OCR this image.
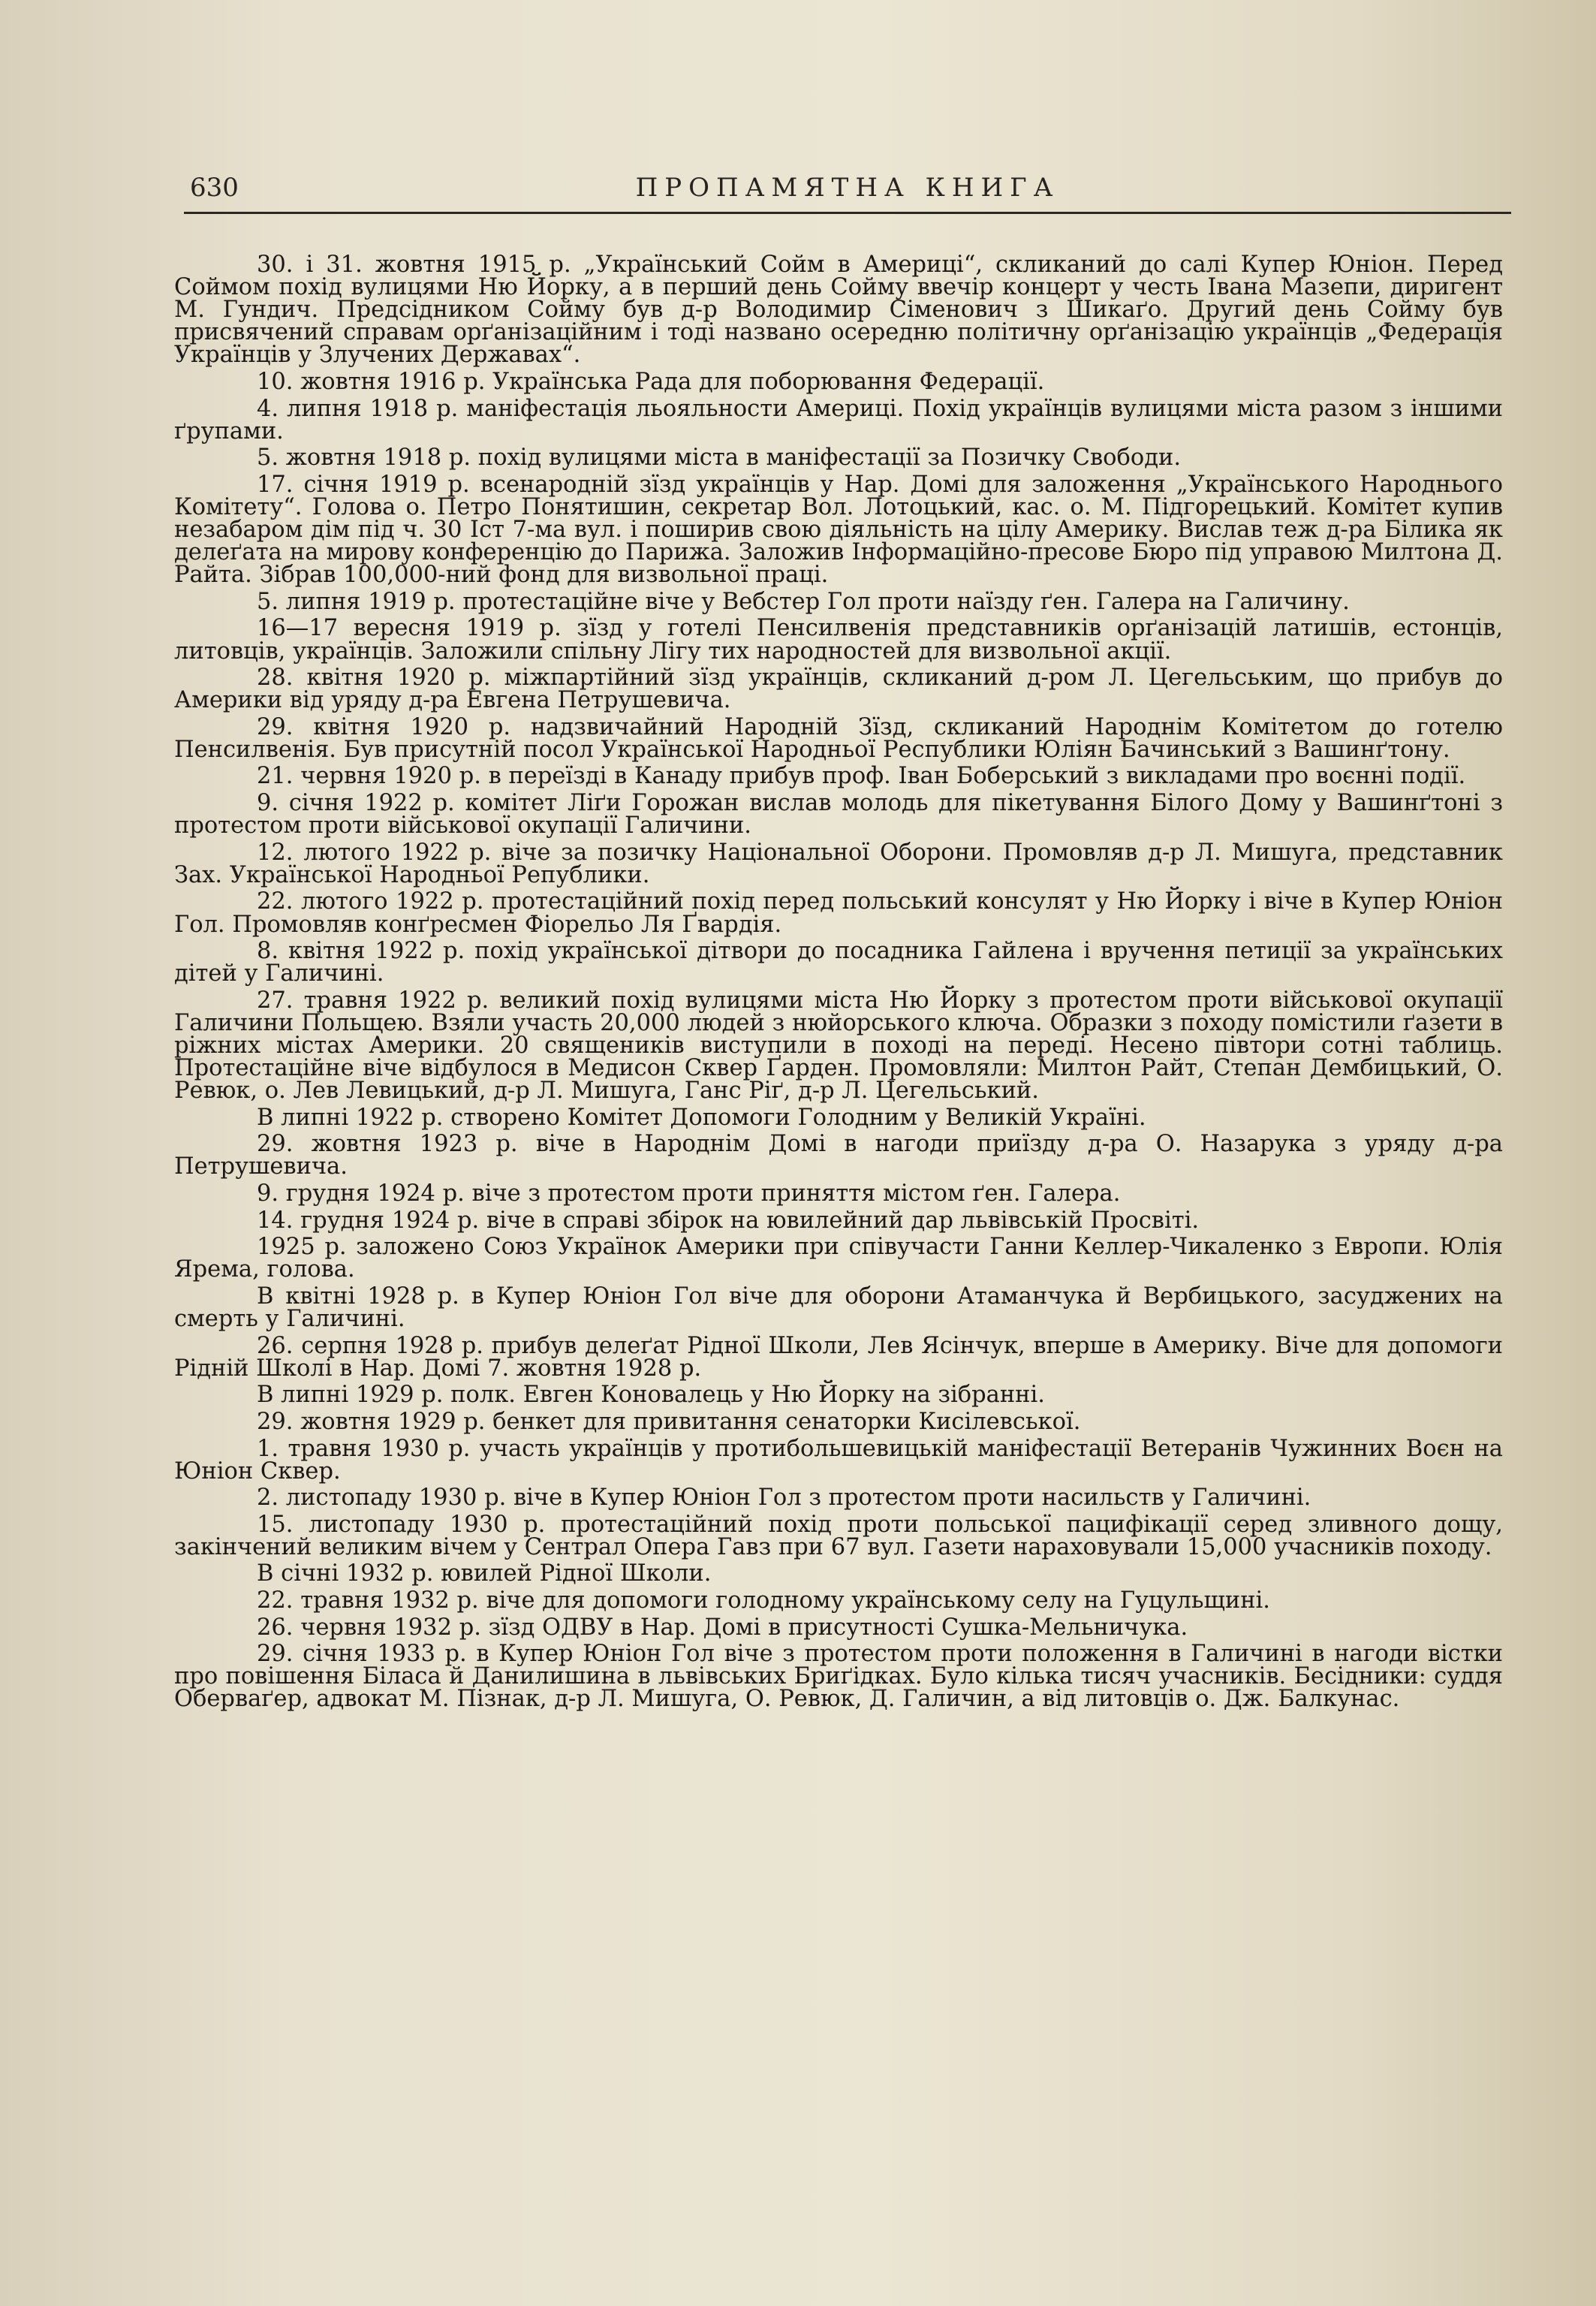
630	ПРОПАМЯТНА КНИГА

30. і 31. жовтня 1915 р. „Український Сойм в Америці“, скликаний до салі Купер Юніон. Перед Соймом похід вулицями Ню Йорку, а в перший день Сойму ввечір концерт у честь Івана Мазепи, диригент М. Гундич. Предсідником Сойму був д-р Володимир Сіменович з Шикаґо. Другий день Сойму був присвячений справам орґанізаційним і тоді названо осередню політичну орґанізацію українців „Федерація Українців у Злучених Державах“.

10. жовтня 1916 р. Українська Рада для поборювання Федерації.

4. липня 1918 р. маніфестація льояльности Америці. Похід українців вулицями міста разом з іншими ґрупами.

5. жовтня 1918 р. похід вулицями міста в маніфестації за Позичку Свободи.

17. січня 1919 р. всенародній зїзд українців у Нар. Домі для заложення „Українського Народнього Комітету“. Голова о. Петро Понятишин, секретар Вол. Лотоцький, кас. о. М. Підгорецький. Комітет купив незабаром дім під ч. 30 Іст 7-ма вул. і поширив свою діяльність на цілу Америку. Вислав теж д-ра Білика як делеґата на мирову конференцію до Парижа. Заложив Інформаційно-пресове Бюро під управою Милтона Д. Райта. Зібрав 100,000-ний фонд для визвольної праці.

5. липня 1919 р. протестаційне віче у Вебстер Гол проти наїзду ґен. Галера на Галичину.

16—17 вересня 1919 р. зїзд у готелі Пенсилвенія представників орґанізацій латишів, естонців, литовців, українців. Заложили спільну Лігу тих народностей для визвольної акції.

28. квітня 1920 р. міжпартійний зїзд українців, скликаний д-ром Л. Цегельським, що прибув до Америки від уряду д-ра Евгена Петрушевича.

29. квітня 1920 р. надзвичайний Народній Зїзд, скликаний Народнім Комітетом до готелю Пенсилвенія. Був присутній посол Української Народньої Республики Юліян Бачинський з Вашинґтону.

21. червня 1920 р. в переїзді в Канаду прибув проф. Іван Боберський з викладами про воєнні події.

9. січня 1922 р. комітет Ліґи Горожан вислав молодь для пікетування Білого Дому у Вашинґтоні з протестом проти військової окупації Галичини.

12. лютого 1922 р. віче за позичку Національної Оборони. Промовляв д-р Л. Мишуга, представник Зах. Української Народньої Републики.

22. лютого 1922 р. протестаційний похід перед польський консулят у Ню Йорку і віче в Купер Юніон Гол. Промовляв конґресмен Фіорельо Ля Ґвардія.

8. квітня 1922 р. похід української дітвори до посадника Гайлена і вручення петиції за українських дітей у Галичині.

27. травня 1922 р. великий похід вулицями міста Ню Йорку з протестом проти військової окупації Галичини Польщею. Взяли участь 20,000 людей з нюйорського ключа. Образки з походу помістили ґазети в ріжних містах Америки. 20 священиків виступили в поході на переді. Несено півтори сотні таблиць. Протестаційне віче відбулося в Медисон Сквер Ґарден. Промовляли: Милтон Райт, Степан Дембицький, О. Ревюк, о. Лев Левицький, д-р Л. Мишуга, Ганс Ріґ, д-р Л. Цегельський.

В липні 1922 р. створено Комітет Допомоги Голодним у Великій Україні.

29. жовтня 1923 р. віче в Народнім Домі в нагоди приїзду д-ра О. Назарука з уряду д-ра Петрушевича.

9. грудня 1924 р. віче з протестом проти приняття містом ґен. Галера.

14. грудня 1924 р. віче в справі збірок на ювилейний дар львівській Просвіті.

1925 р. заложено Союз Українок Америки при співучасти Ганни Келлер-Чикаленко з Европи. Юлія Ярема, голова.

В квітні 1928 р. в Купер Юніон Гол віче для оборони Атаманчука й Вербицького, засуджених на смерть у Галичині.

26. серпня 1928 р. прибув делеґат Рідної Школи, Лев Ясінчук, вперше в Америку. Віче для допомоги Рідній Школі в Нар. Домі 7. жовтня 1928 р.

В липні 1929 р. полк. Евген Коновалець у Ню Йорку на зібранні.

29. жовтня 1929 р. бенкет для привитання сенаторки Кисілевської.

1. травня 1930 р. участь українців у протибольшевицькій маніфестації Ветеранів Чужинних Воєн на Юніон Сквер.

2. листопаду 1930 р. віче в Купер Юніон Гол з протестом проти насильств у Галичині.

15. листопаду 1930 р. протестаційний похід проти польської пацифікації серед зливного дощу, закінчений великим вічем у Сентрал Опера Гавз при 67 вул. Газети нараховували 15,000 учасників походу.

В січні 1932 р. ювилей Рідної Школи.

22. травня 1932 р. віче для допомоги голодному українському селу на Гуцульщині.

26. червня 1932 р. зїзд ОДВУ в Нар. Домі в присутності Сушка-Мельничука.

29. січня 1933 р. в Купер Юніон Гол віче з протестом проти положення в Галичині в нагоди вістки про повішення Біласа й Данилишина в львівських Бриґідках. Було кілька тисяч учасників. Бесідники: суддя Оберваґер, адвокат М. Пізнак, д-р Л. Мишуга, О. Ревюк, Д. Галичин, а від литовців о. Дж. Балкунас.
